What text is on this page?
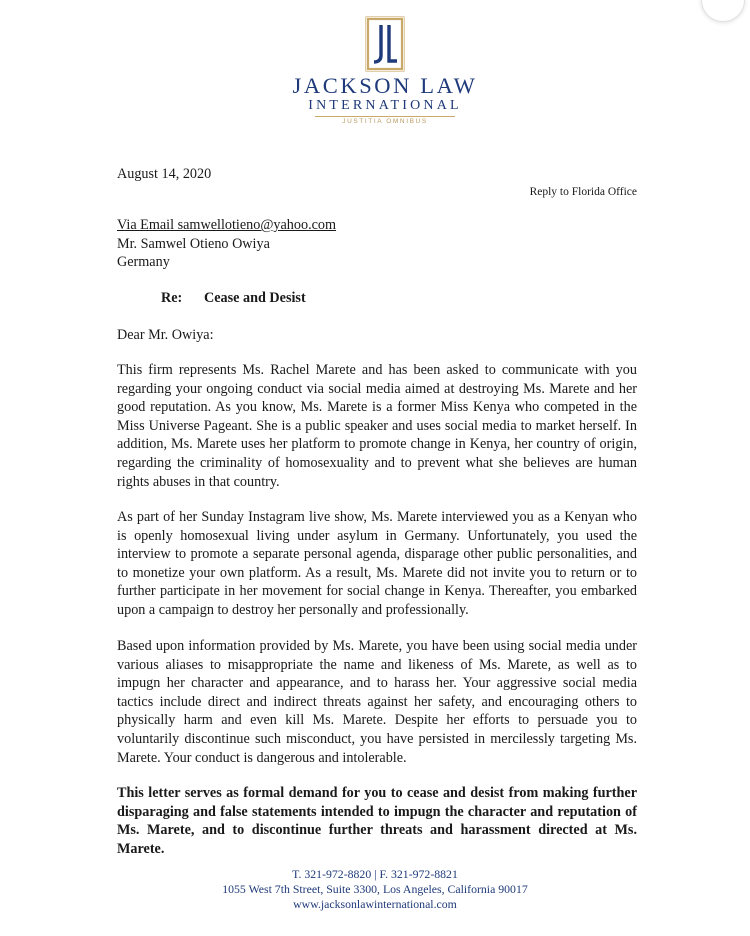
JACKSON LAW
INTERNATIONAL
JUSTITIA OMNIBUS
August 14, 2020
Reply to Florida Office
Via Email samwellotieno@yahoo.com
Mr. Samwel Otieno Owiya
Germany
Re: Cease and Desist
Dear Mr. Owiya:

This firm represents Ms. Rachel Marete and has been asked to communicate with you regarding your ongoing conduct via social media aimed at destroying Ms. Marete and her good reputation. As you know, Ms. Marete is a former Miss Kenya who competed in the Miss Universe Pageant. She is a public speaker and uses social media to market herself. In addition, Ms. Marete uses her platform to promote change in Kenya, her country of origin, regarding the criminality of homosexuality and to prevent what she believes are human rights abuses in that country.

As part of her Sunday Instagram live show, Ms. Marete interviewed you as a Kenyan who is openly homosexual living under asylum in Germany. Unfortunately, you used the interview to promote a separate personal agenda, disparage other public personalities, and to monetize your own platform. As a result, Ms. Marete did not invite you to return or to further participate in her movement for social change in Kenya. Thereafter, you embarked upon a campaign to destroy her personally and professionally.

Based upon information provided by Ms. Marete, you have been using social media under various aliases to misappropriate the name and likeness of Ms. Marete, as well as to impugn her character and appearance, and to harass her. Your aggressive social media tactics include direct and indirect threats against her safety, and encouraging others to physically harm and even kill Ms. Marete. Despite her efforts to persuade you to voluntarily discontinue such misconduct, you have persisted in mercilessly targeting Ms. Marete. Your conduct is dangerous and intolerable.

This letter serves as formal demand for you to cease and desist from making further disparaging and false statements intended to impugn the character and reputation of Ms. Marete, and to discontinue further threats and harassment directed at Ms. Marete.

T. 321-972-8820 | F. 321-972-8821
1055 West 7th Street, Suite 3300, Los Angeles, California 90017
www.jacksonlawinternational.com
